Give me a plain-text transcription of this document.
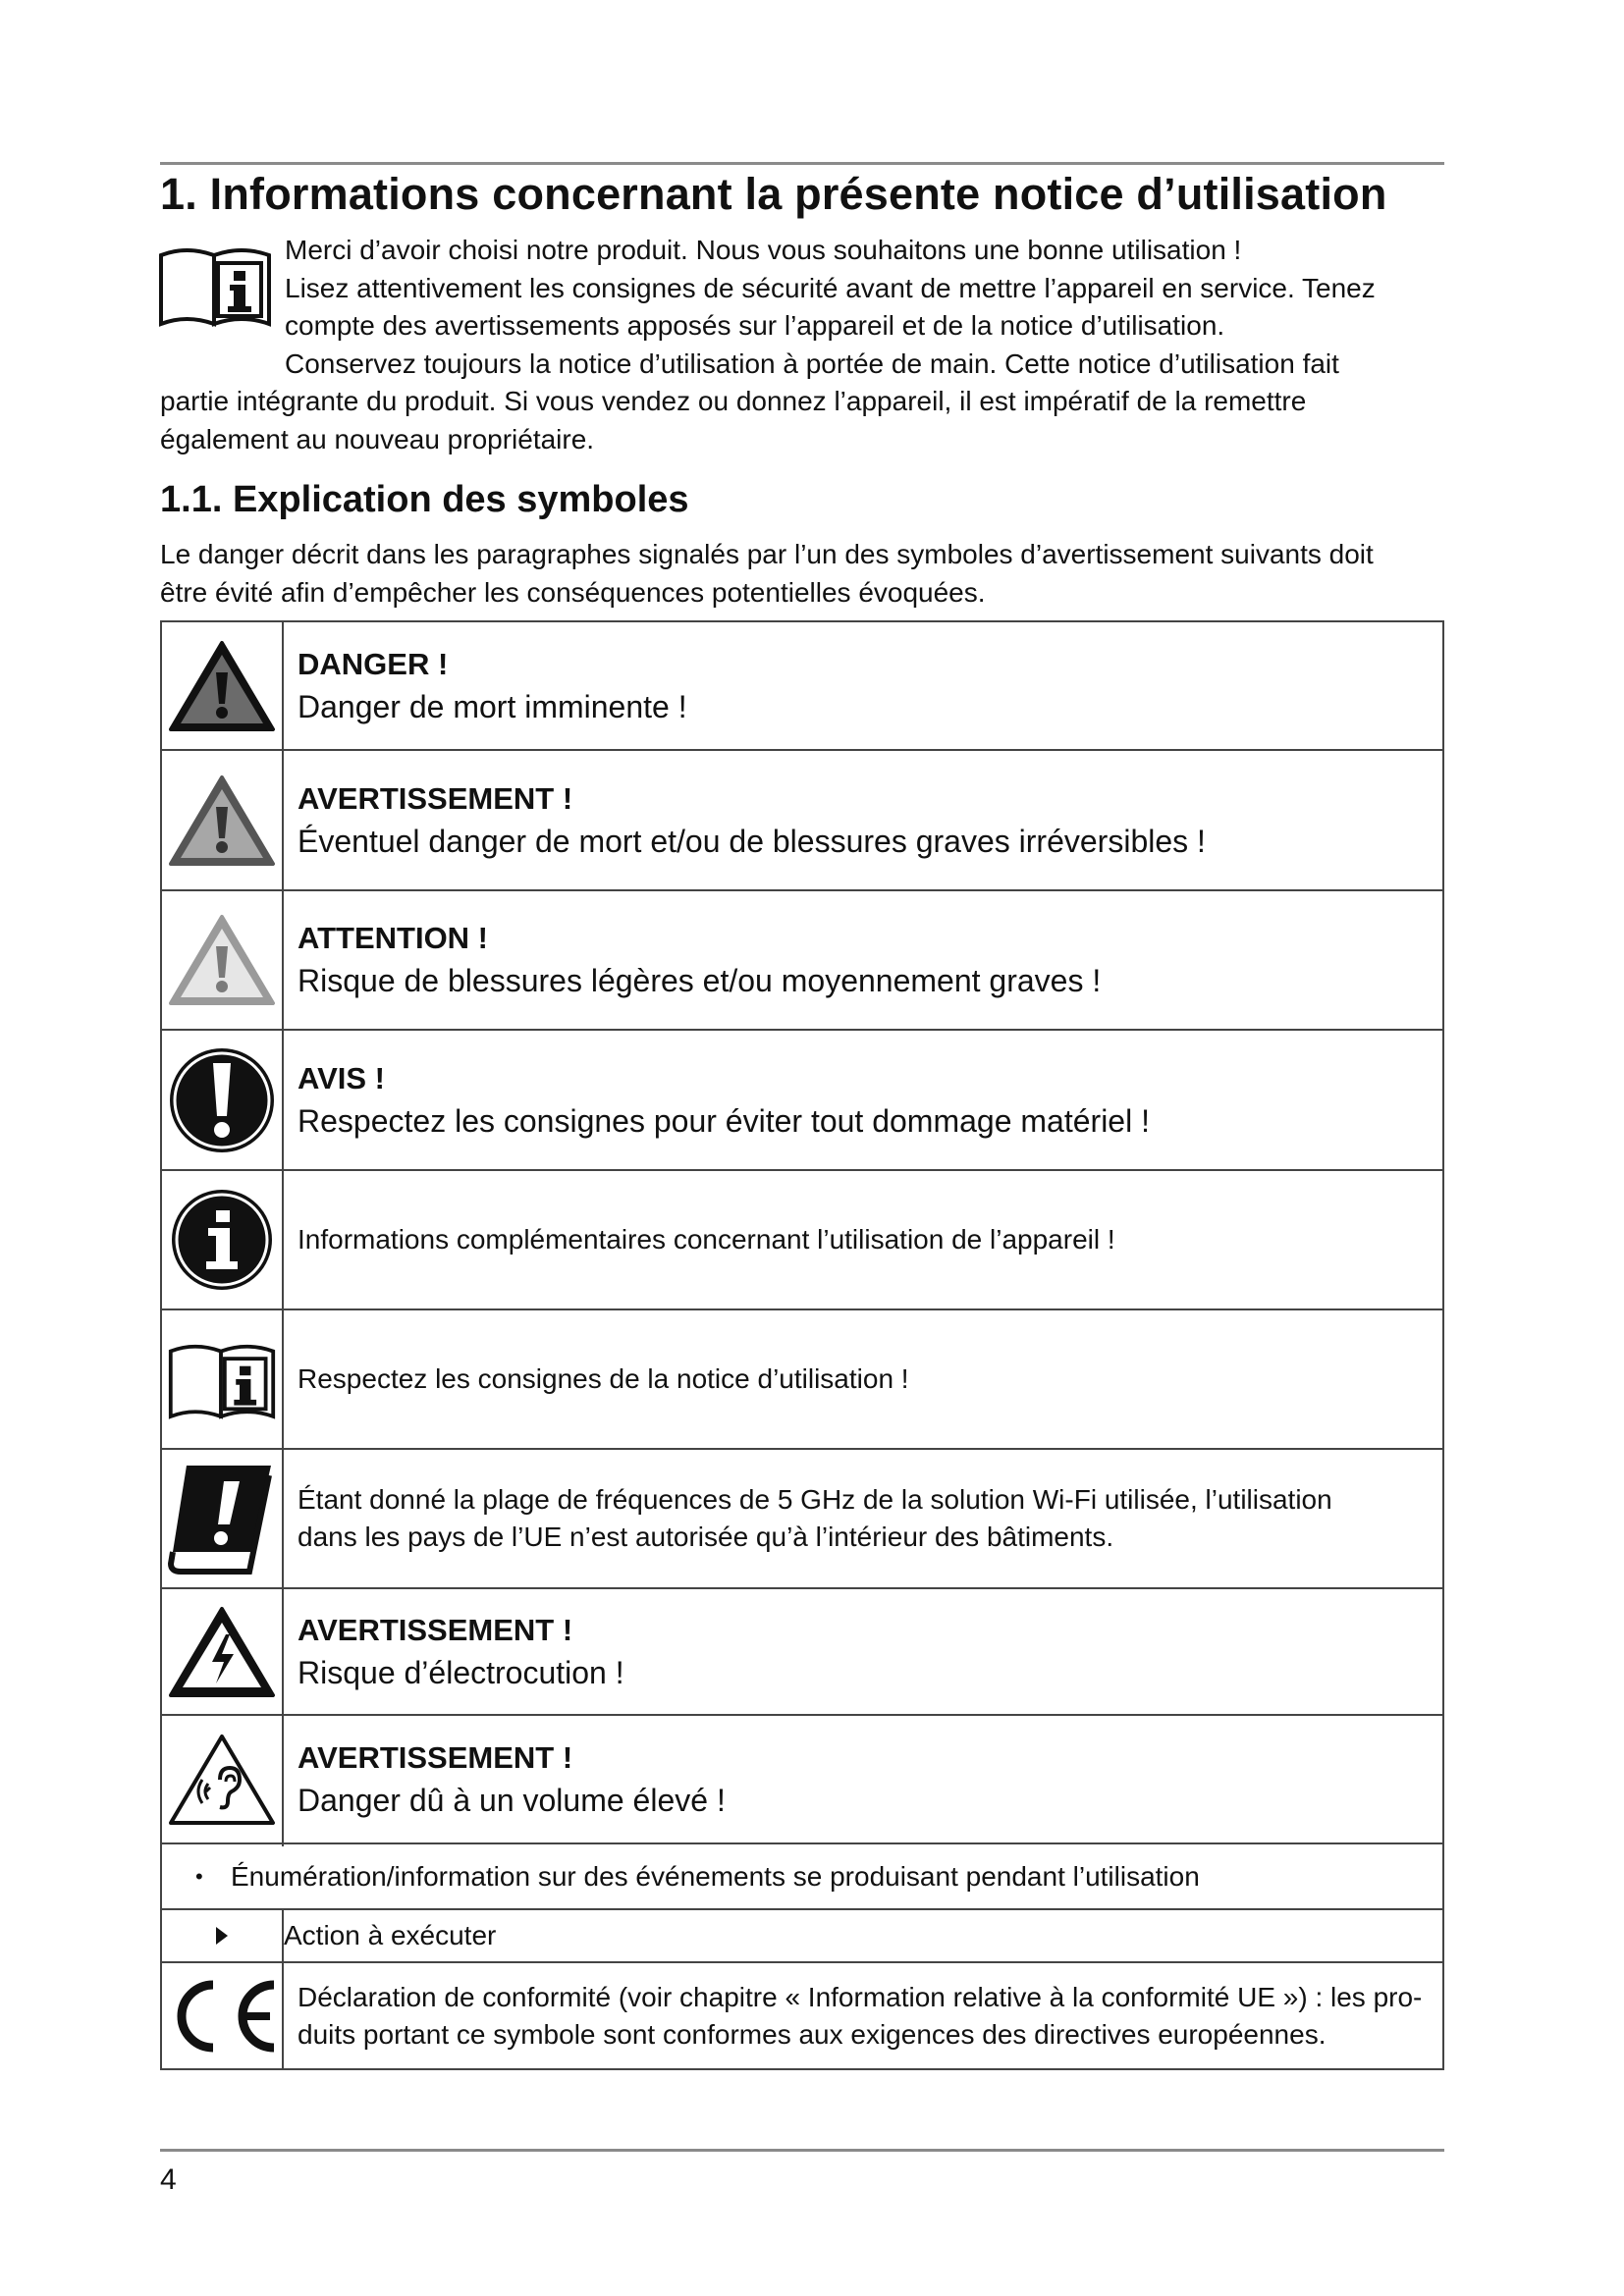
1. Informations concernant la présente notice d’utilisation
Merci d’avoir choisi notre produit. Nous vous souhaitons une bonne utilisation !
Lisez attentivement les consignes de sécurité avant de mettre l’appareil en service. Tenez
compte des avertissements apposés sur l’appareil et de la notice d’utilisation.
Conservez toujours la notice d’utilisation à portée de main. Cette notice d’utilisation fait
partie intégrante du produit. Si vous vendez ou donnez l’appareil, il est impératif de la remettre
également au nouveau propriétaire.
1.1. Explication des symboles
Le danger décrit dans les paragraphes signalés par l’un des symboles d’avertissement suivants doit
être évité afin d’empêcher les conséquences potentielles évoquées.
DANGER !
Danger de mort imminente !
AVERTISSEMENT !
Éventuel danger de mort et/ou de blessures graves irréversibles !
ATTENTION !
Risque de blessures légères et/ou moyennement graves !
AVIS !
Respectez les consignes pour éviter tout dommage matériel !
Informations complémentaires concernant l’utilisation de l’appareil !
Respectez les consignes de la notice d’utilisation !
Étant donné la plage de fréquences de 5 GHz de la solution Wi-Fi utilisée, l’utilisation
dans les pays de l’UE n’est autorisée qu’à l’intérieur des bâtiments.
AVERTISSEMENT !
Risque d’électrocution !
AVERTISSEMENT !
Danger dû à un volume élevé !
• Énumération/information sur des événements se produisant pendant l’utilisation
Action à exécuter
Déclaration de conformité (voir chapitre « Information relative à la conformité UE ») : les pro-
duits portant ce symbole sont conformes aux exigences des directives européennes.
4
